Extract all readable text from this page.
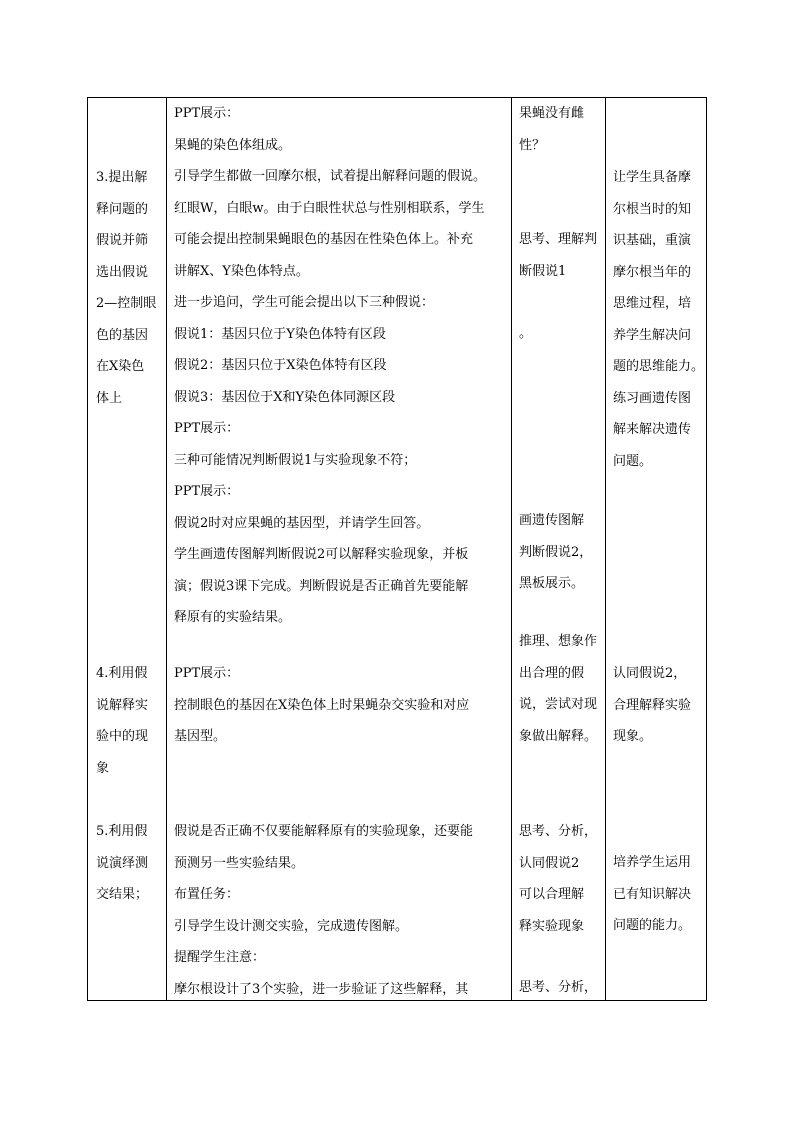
3.提出解
释问题的
假说并筛
选出假说
2—控制眼
色的基因
在X染色
体上
PPT展示：
果蝇的染色体组成。
引导学生都做一回摩尔根，试着提出解释问题的假说。
红眼W，白眼w。由于白眼性状总与性别相联系，学生
可能会提出控制果蝇眼色的基因在性染色体上。补充
讲解X、Y染色体特点。
进一步追问，学生可能会提出以下三种假说：
假说1：基因只位于Y染色体特有区段
假说2：基因只位于X染色体特有区段
假说3：基因位于X和Y染色体同源区段
PPT展示：
三种可能情况判断假说1与实验现象不符；
PPT展示：
假说2时对应果蝇的基因型，并请学生回答。
学生画遗传图解判断假说2可以解释实验现象，并板
演；假说3课下完成。判断假说是否正确首先要能解
释原有的实验结果。
果蝇没有雌
性？
思考、理解判
断假说1
。
画遗传图解
判断假说2，
黑板展示。
让学生具备摩
尔根当时的知
识基础，重演
摩尔根当年的
思维过程，培
养学生解决问
题的思维能力。
练习画遗传图
解来解决遗传
问题。
4.利用假
说解释实
验中的现
象
PPT展示：
控制眼色的基因在X染色体上时果蝇杂交实验和对应
基因型。
推理、想象作
出合理的假
说，尝试对现
象做出解释。
认同假说2，
合理解释实验
现象。
5.利用假
说演绎测
交结果；
假说是否正确不仅要能解释原有的实验现象，还要能
预测另一些实验结果。
布置任务：
引导学生设计测交实验，完成遗传图解。
提醒学生注意：
摩尔根设计了3个实验，进一步验证了这些解释，其
思考、分析，
认同假说2
可以合理解
释实验现象
思考、分析，
培养学生运用
已有知识解决
问题的能力。
